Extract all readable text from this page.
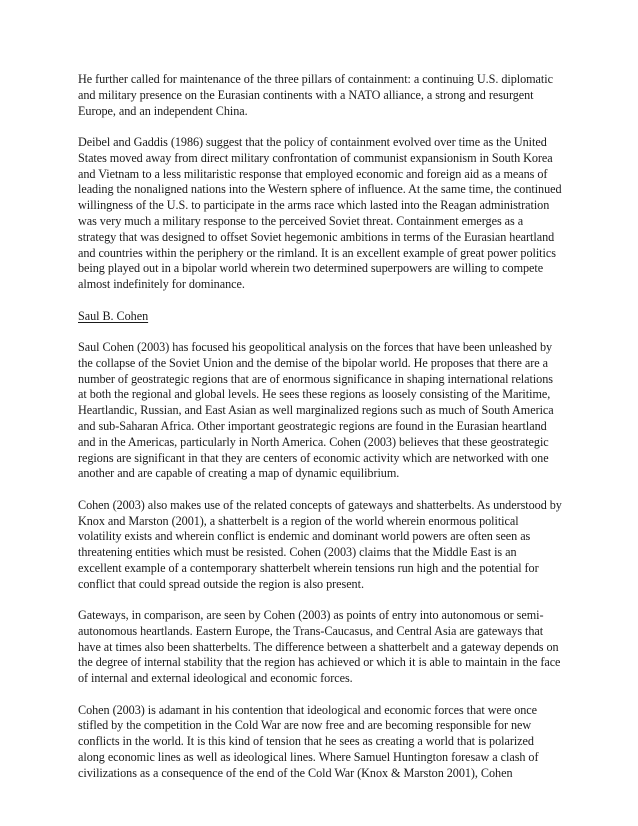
He further called for maintenance of the three pillars of containment: a continuing U.S. diplomatic and military presence on the Eurasian continents with a NATO alliance, a strong and resurgent Europe, and an independent China.

Deibel and Gaddis (1986) suggest that the policy of containment evolved over time as the United States moved away from direct military confrontation of communist expansionism in South Korea and Vietnam to a less militaristic response that employed economic and foreign aid as a means of leading the nonaligned nations into the Western sphere of influence. At the same time, the continued willingness of the U.S. to participate in the arms race which lasted into the Reagan administration was very much a military response to the perceived Soviet threat. Containment emerges as a strategy that was designed to offset Soviet hegemonic ambitions in terms of the Eurasian heartland and countries within the periphery or the rimland. It is an excellent example of great power politics being played out in a bipolar world wherein two determined superpowers are willing to compete almost indefinitely for dominance.

Saul B. Cohen

Saul Cohen (2003) has focused his geopolitical analysis on the forces that have been unleashed by the collapse of the Soviet Union and the demise of the bipolar world. He proposes that there are a number of geostrategic regions that are of enormous significance in shaping international relations at both the regional and global levels. He sees these regions as loosely consisting of the Maritime, Heartlandic, Russian, and East Asian as well marginalized regions such as much of South America and sub-Saharan Africa. Other important geostrategic regions are found in the Eurasian heartland and in the Americas, particularly in North America. Cohen (2003) believes that these geostrategic regions are significant in that they are centers of economic activity which are networked with one another and are capable of creating a map of dynamic equilibrium.

Cohen (2003) also makes use of the related concepts of gateways and shatterbelts. As understood by Knox and Marston (2001), a shatterbelt is a region of the world wherein enormous political volatility exists and wherein conflict is endemic and dominant world powers are often seen as threatening entities which must be resisted. Cohen (2003) claims that the Middle East is an excellent example of a contemporary shatterbelt wherein tensions run high and the potential for conflict that could spread outside the region is also present.

Gateways, in comparison, are seen by Cohen (2003) as points of entry into autonomous or semi-autonomous heartlands. Eastern Europe, the Trans-Caucasus, and Central Asia are gateways that have at times also been shatterbelts. The difference between a shatterbelt and a gateway depends on the degree of internal stability that the region has achieved or which it is able to maintain in the face of internal and external ideological and economic forces.

Cohen (2003) is adamant in his contention that ideological and economic forces that were once stifled by the competition in the Cold War are now free and are becoming responsible for new conflicts in the world. It is this kind of tension that he sees as creating a world that is polarized along economic lines as well as ideological lines. Where Samuel Huntington foresaw a clash of civilizations as a consequence of the end of the Cold War (Knox & Marston 2001), Cohen
